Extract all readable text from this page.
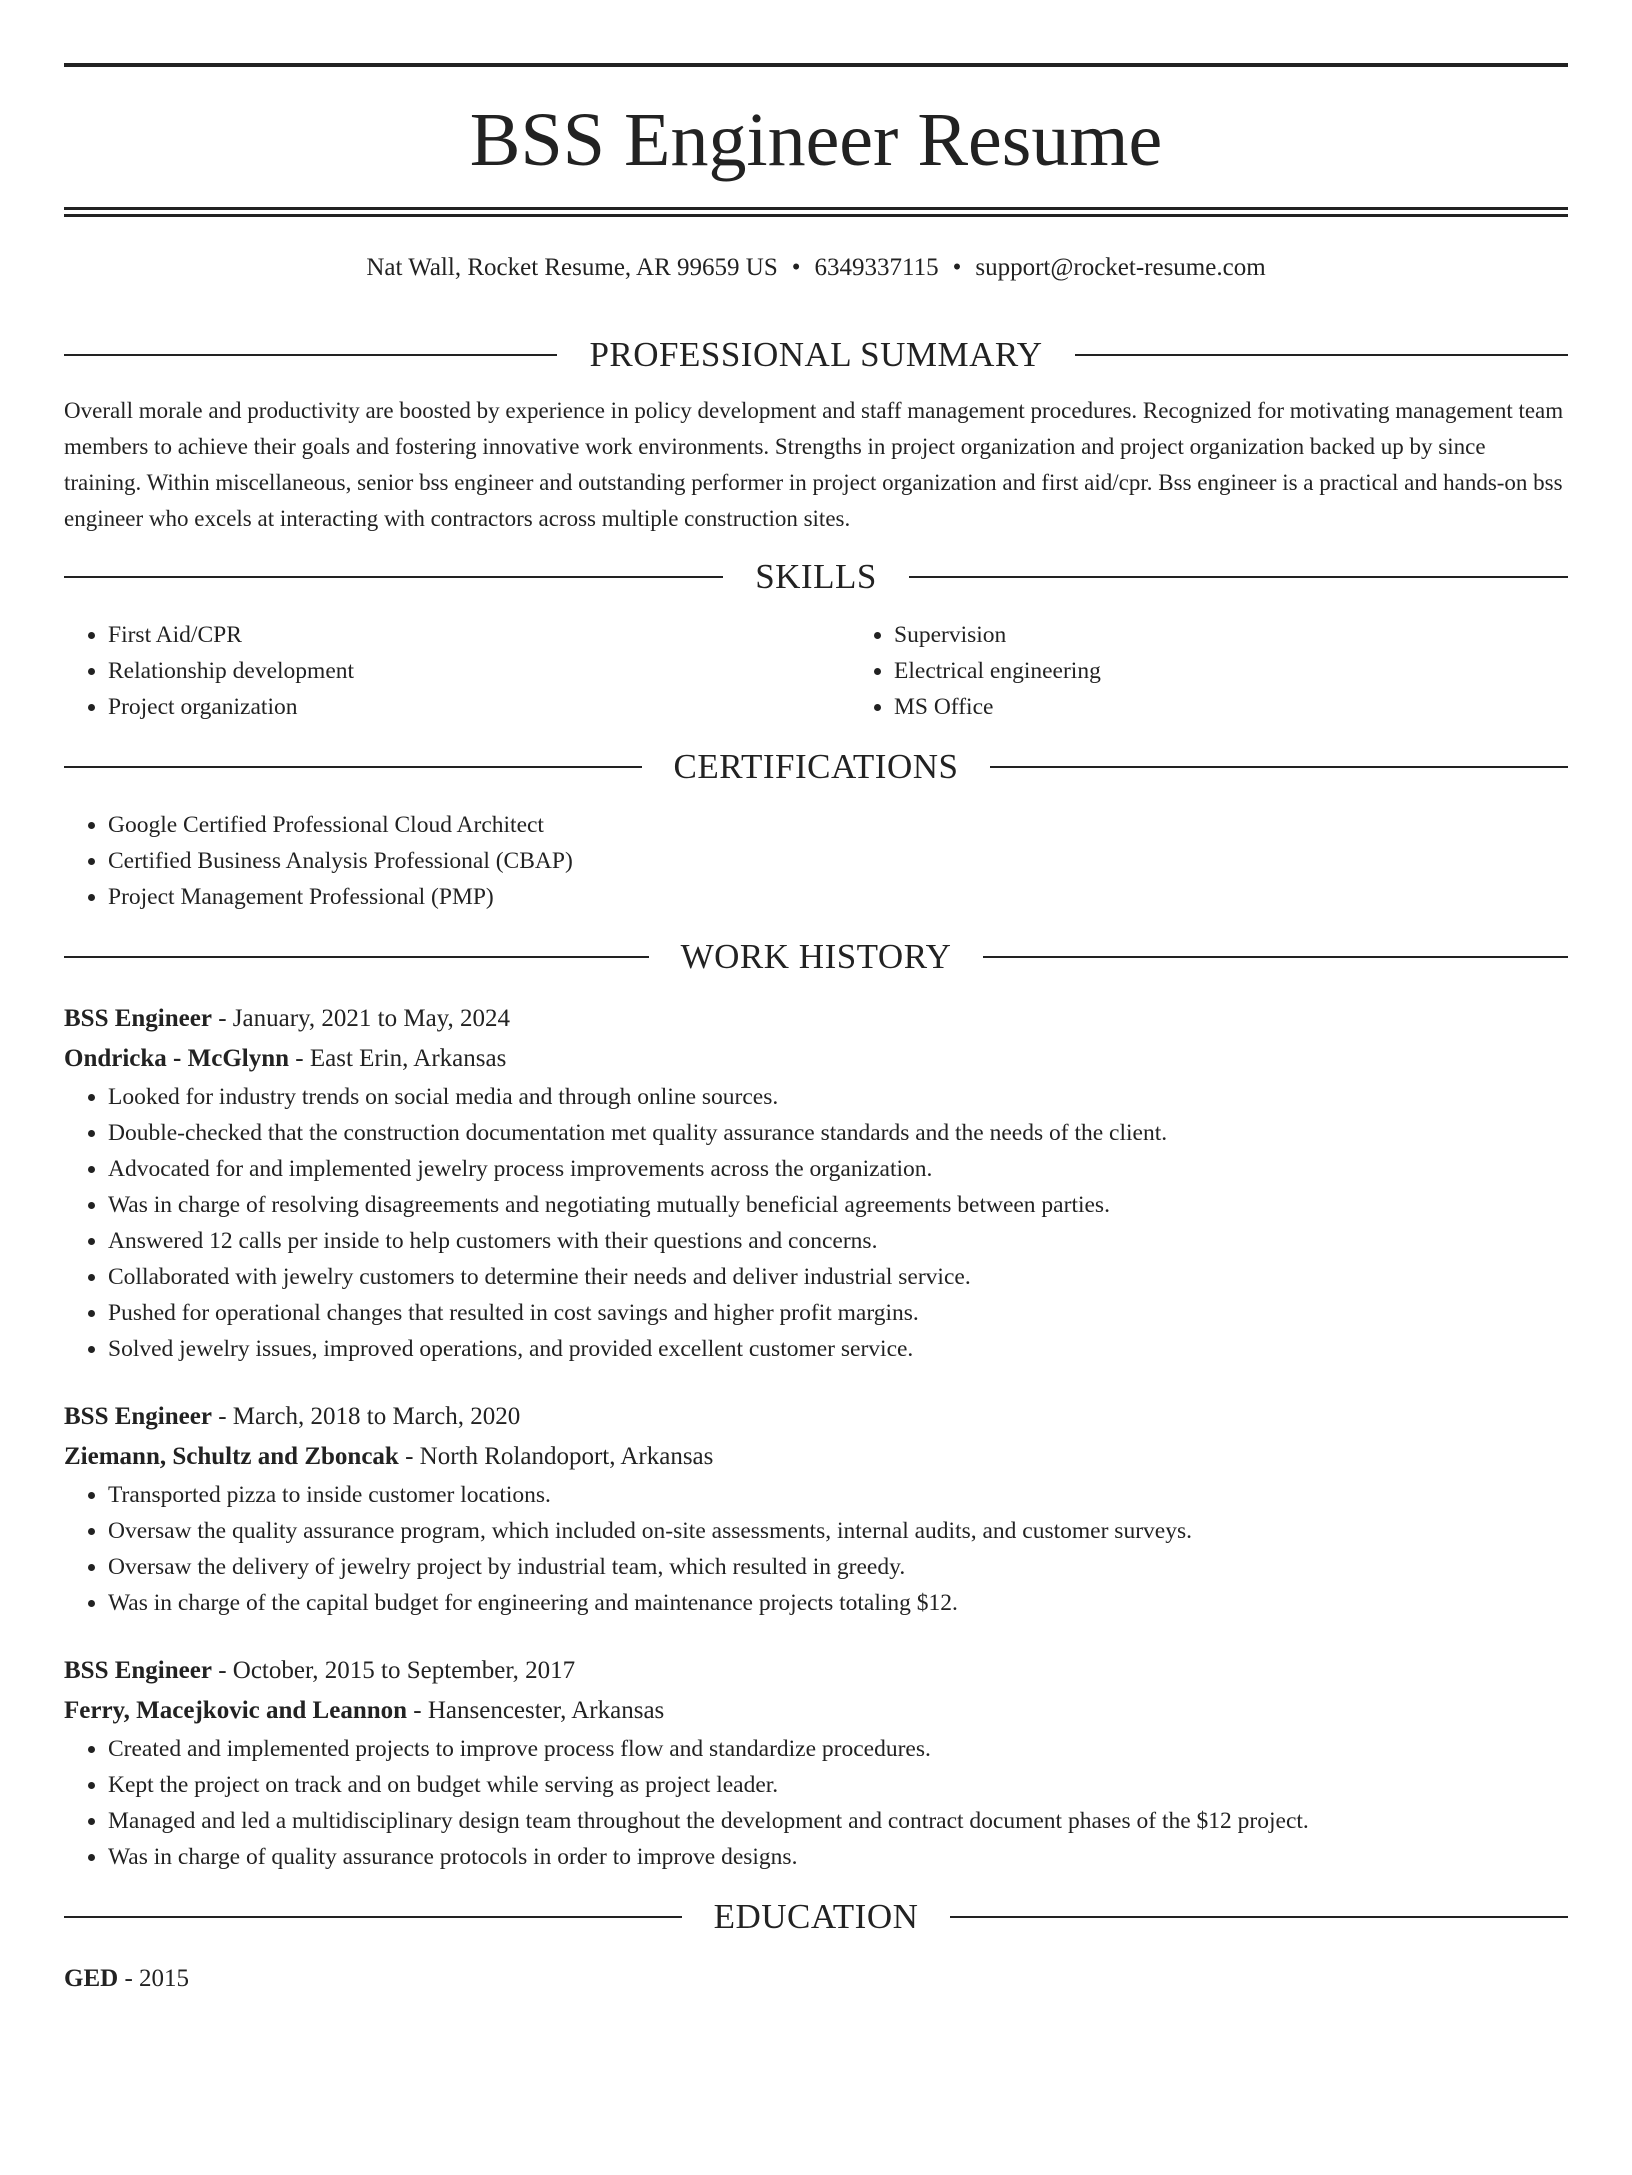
BSS Engineer Resume
Nat Wall, Rocket Resume, AR 99659 US • 6349337115 • support@rocket-resume.com
PROFESSIONAL SUMMARY

Overall morale and productivity are boosted by experience in policy development and staff management procedures. Recognized for motivating management team members to achieve their goals and fostering innovative work environments. Strengths in project organization and project organization backed up by since training. Within miscellaneous, senior bss engineer and outstanding performer in project organization and first aid/cpr. Bss engineer is a practical and hands-on bss engineer who excels at interacting with contractors across multiple construction sites.

SKILLS
• First Aid/CPR
• Relationship development
• Project organization
• Supervision
• Electrical engineering
• MS Office
CERTIFICATIONS
• Google Certified Professional Cloud Architect
• Certified Business Analysis Professional (CBAP)
• Project Management Professional (PMP)
WORK HISTORY
BSS Engineer - January, 2021 to May, 2024
Ondricka - McGlynn - East Erin, Arkansas
• Looked for industry trends on social media and through online sources.
• Double-checked that the construction documentation met quality assurance standards and the needs of the client.
• Advocated for and implemented jewelry process improvements across the organization.
• Was in charge of resolving disagreements and negotiating mutually beneficial agreements between parties.
• Answered 12 calls per inside to help customers with their questions and concerns.
• Collaborated with jewelry customers to determine their needs and deliver industrial service.
• Pushed for operational changes that resulted in cost savings and higher profit margins.
• Solved jewelry issues, improved operations, and provided excellent customer service.
BSS Engineer - March, 2018 to March, 2020
Ziemann, Schultz and Zboncak - North Rolandoport, Arkansas
• Transported pizza to inside customer locations.
• Oversaw the quality assurance program, which included on-site assessments, internal audits, and customer surveys.
• Oversaw the delivery of jewelry project by industrial team, which resulted in greedy.
• Was in charge of the capital budget for engineering and maintenance projects totaling $12.
BSS Engineer - October, 2015 to September, 2017
Ferry, Macejkovic and Leannon - Hansencester, Arkansas
• Created and implemented projects to improve process flow and standardize procedures.
• Kept the project on track and on budget while serving as project leader.
• Managed and led a multidisciplinary design team throughout the development and contract document phases of the $12 project.
• Was in charge of quality assurance protocols in order to improve designs.
EDUCATION
GED - 2015
